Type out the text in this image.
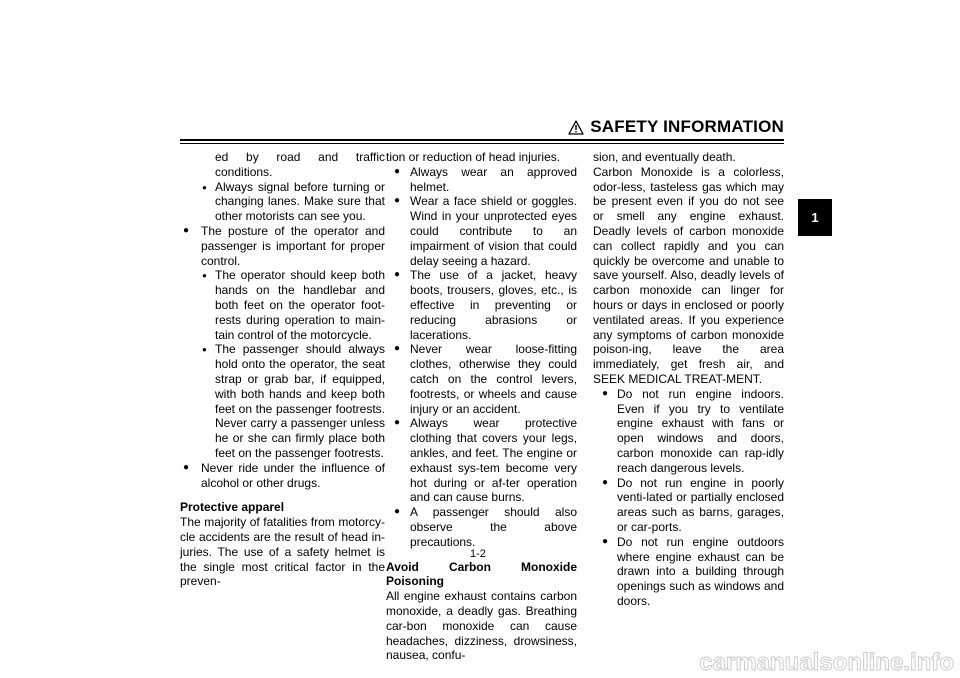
SAFETY INFORMATION
1

ed by road and traffic conditions.

● Always signal before turning or changing lanes. Make sure that other motorists can see you.
● The posture of the operator and passenger is important for proper control.
● The operator should keep both hands on the handlebar and both feet on the operator foot-rests during operation to main-tain control of the motorcycle.
● The passenger should always hold onto the operator, the seat strap or grab bar, if equipped, with both hands and keep both feet on the passenger footrests. Never carry a passenger unless he or she can firmly place both feet on the passenger footrests.
● Never ride under the influence of alcohol or other drugs.

Protective apparel

The majority of fatalities from motorcy-cle accidents are the result of head in-juries. The use of a safety helmet is the single most critical factor in the preven-

tion or reduction of head injuries.

● Always wear an approved helmet.
● Wear a face shield or goggles. Wind in your unprotected eyes could contribute to an impairment of vision that could delay seeing a hazard.
● The use of a jacket, heavy boots, trousers, gloves, etc., is effective in preventing or reducing abrasions or lacerations.
● Never wear loose-fitting clothes, otherwise they could catch on the control levers, footrests, or wheels and cause injury or an accident.
● Always wear protective clothing that covers your legs, ankles, and feet. The engine or exhaust sys-tem become very hot during or af-ter operation and can cause burns.
● A passenger should also observe the above precautions.

Avoid Carbon Monoxide Poisoning

All engine exhaust contains carbon monoxide, a deadly gas. Breathing car-bon monoxide can cause headaches, dizziness, drowsiness, nausea, confu-

sion, and eventually death.

Carbon Monoxide is a colorless, odor-less, tasteless gas which may be present even if you do not see or smell any engine exhaust. Deadly levels of carbon monoxide can collect rapidly and you can quickly be overcome and unable to save yourself. Also, deadly levels of carbon monoxide can linger for hours or days in enclosed or poorly ventilated areas. If you experience any symptoms of carbon monoxide poison-ing, leave the area immediately, get fresh air, and SEEK MEDICAL TREAT-MENT.

● Do not run engine indoors. Even if you try to ventilate engine exhaust with fans or open windows and doors, carbon monoxide can rap-idly reach dangerous levels.
● Do not run engine in poorly venti-lated or partially enclosed areas such as barns, garages, or car-ports.
● Do not run engine outdoors where engine exhaust can be drawn into a building through openings such as windows and doors.
1-2
carmanualsonline.info
